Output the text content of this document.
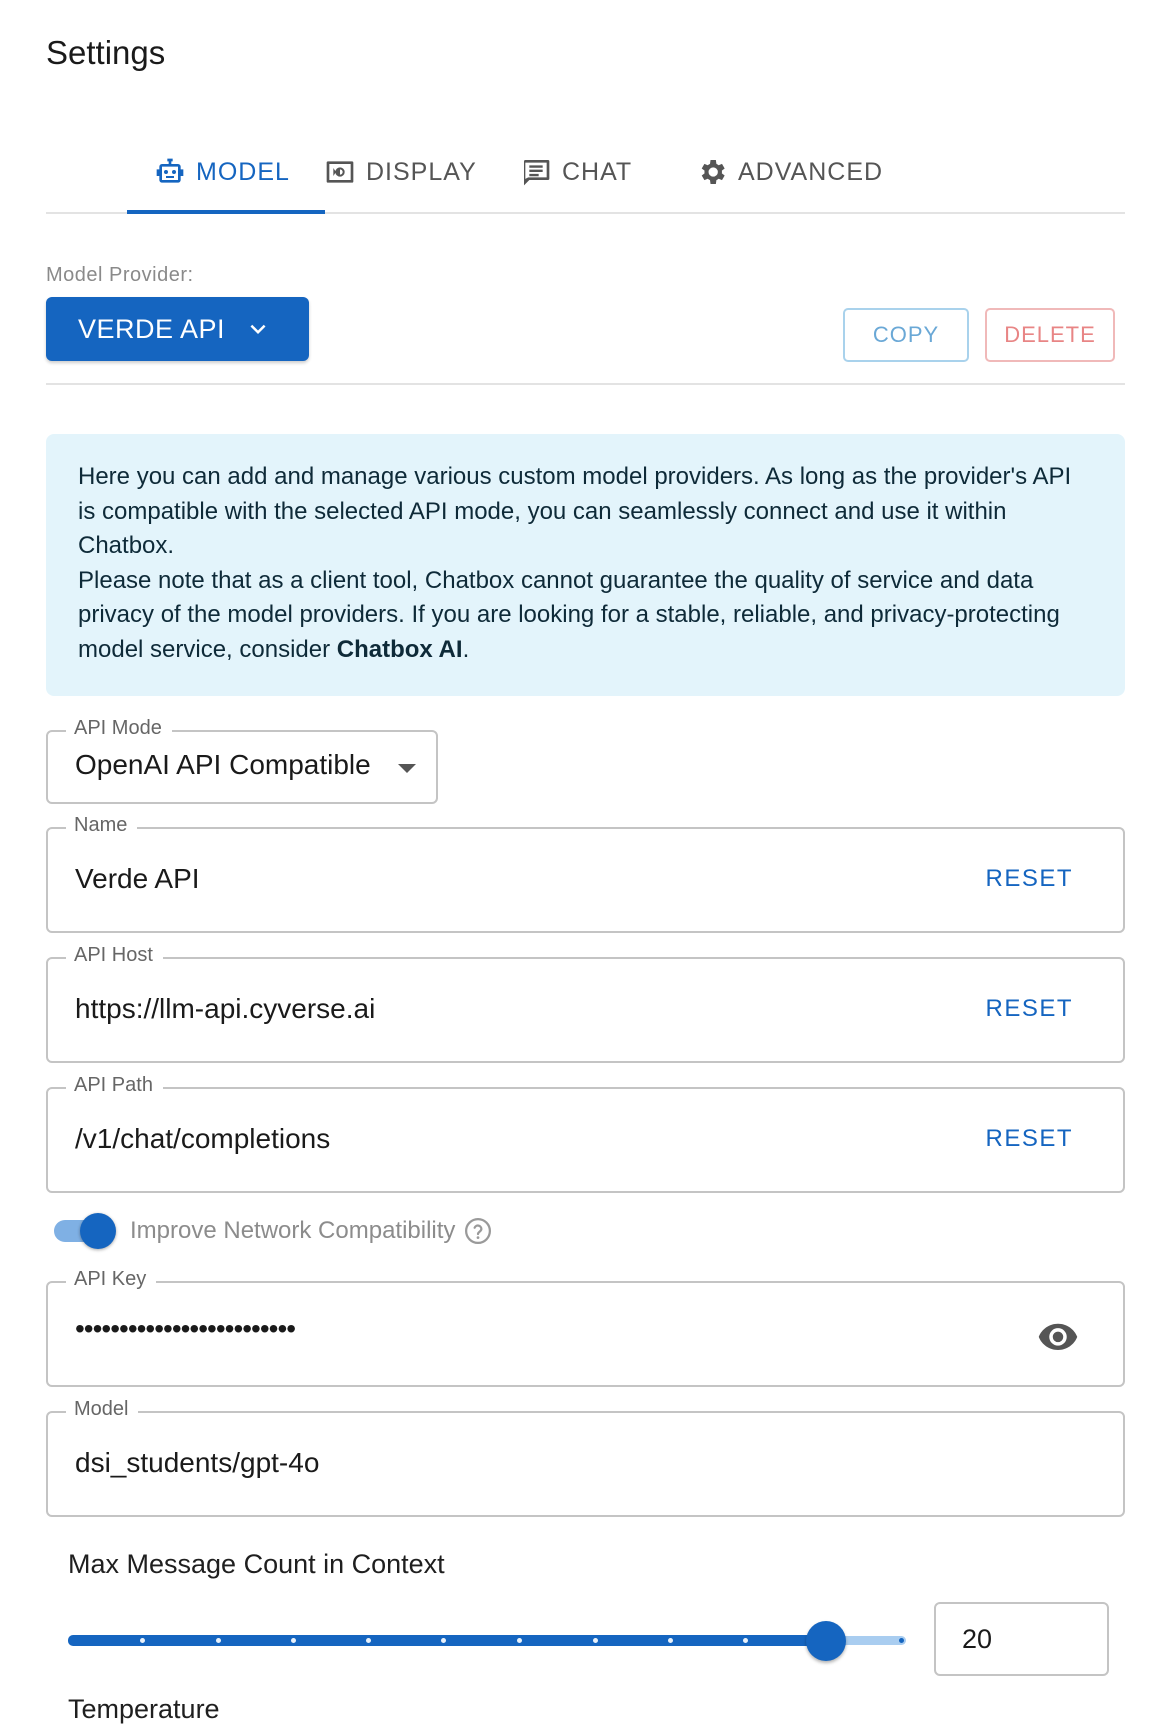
Settings
MODEL	DISPLAY	CHAT	ADVANCED
Model Provider:
VERDE API	COPY	DELETE
Here you can add and manage various custom model providers. As long as the provider's API is compatible with the selected API mode, you can seamlessly connect and use it within Chatbox.
Please note that as a client tool, Chatbox cannot guarantee the quality of service and data privacy of the model providers. If you are looking for a stable, reliable, and privacy-protecting model service, consider Chatbox AI.
API Mode
OpenAI API Compatible
Name
Verde API	RESET
API Host
https://llm-api.cyverse.ai	RESET
API Path
/v1/chat/completions	RESET
Improve Network Compatibility
API Key
•••••••••••••••••••••••••
Model
dsi_students/gpt-4o
Max Message Count in Context
20
Temperature
